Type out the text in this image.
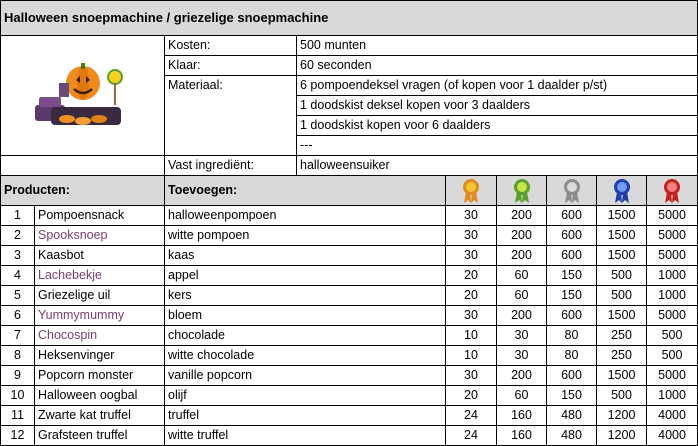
Halloween snoepmachine / griezelige snoepmachine								
	Kosten:	500 munten					
		Klaar:	60 seconden					
		Materiaal:	6 pompoendeksel vragen (of kopen voor 1 daalder p/st)					
			1 doodskist deksel kopen voor 3 daalders					
			1 doodskist kopen voor 6 daalders					
			---					
		Vast ingrediënt:	halloweensuiker					
Producten:		Toevoegen:					
1	Pompoensnack	halloweenpompoen		30	200	600	1500	5000
2	Spooksnoep	witte pompoen		30	200	600	1500	5000
3	Kaasbot	kaas		30	200	600	1500	5000
4	Lachebekje	appel		20	60	150	500	1000
5	Griezelige uil	kers		20	60	150	500	1000
6	Yummymummy	bloem		30	200	600	1500	5000
7	Chocospin	chocolade		10	30	80	250	500
8	Heksenvinger	witte chocolade		10	30	80	250	500
9	Popcorn monster	vanille popcorn		30	200	600	1500	5000
10	Halloween oogbal	olijf		20	60	150	500	1000
11	Zwarte kat truffel	truffel		24	160	480	1200	4000
12	Grafsteen truffel	witte truffel		24	160	480	1200	4000
